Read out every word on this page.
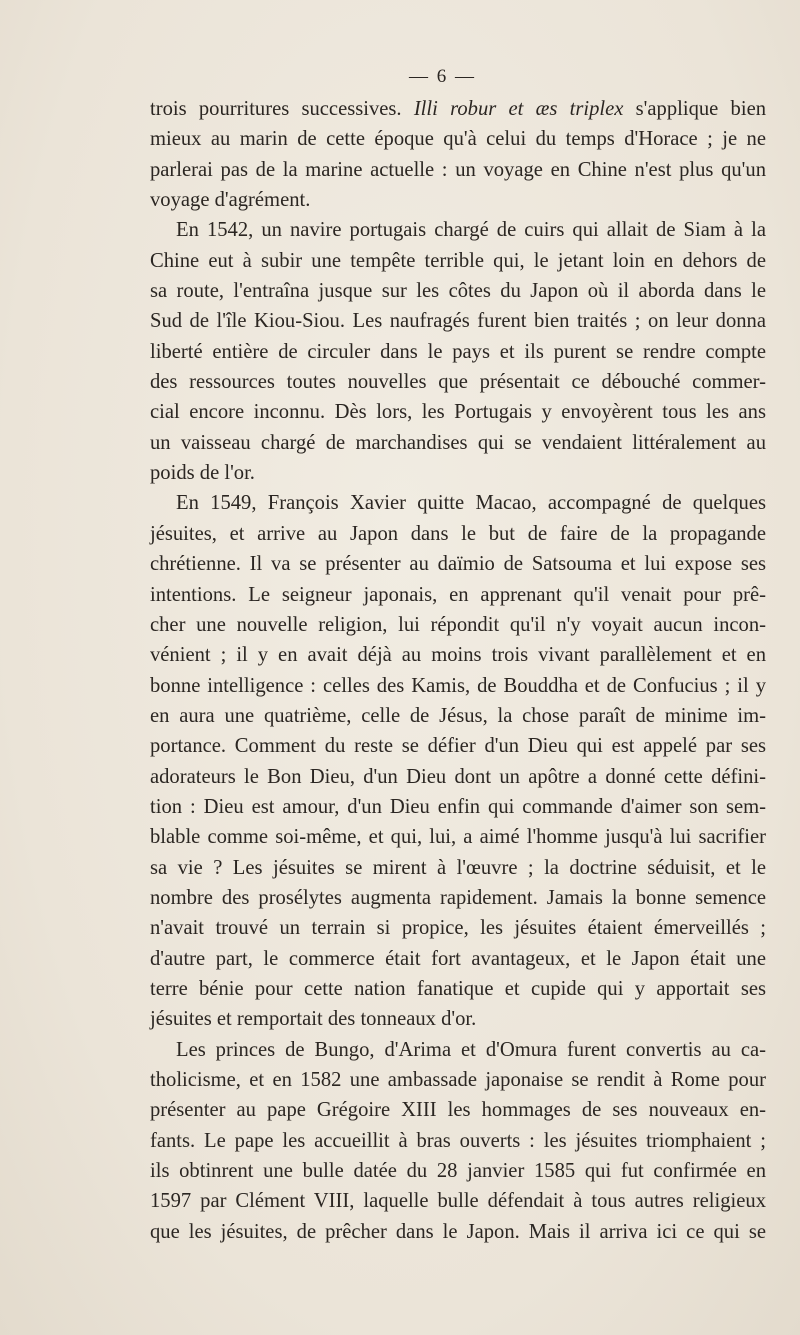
— 6 —

trois pourritures successives. Illi robur et æs triplex s'applique bien
mieux au marin de cette époque qu'à celui du temps d'Horace ; je ne
parlerai pas de la marine actuelle : un voyage en Chine n'est plus qu'un
voyage d'agrément.

En 1542, un navire portugais chargé de cuirs qui allait de Siam à la
Chine eut à subir une tempête terrible qui, le jetant loin en dehors de
sa route, l'entraîna jusque sur les côtes du Japon où il aborda dans le
Sud de l'île Kiou-Siou. Les naufragés furent bien traités ; on leur donna
liberté entière de circuler dans le pays et ils purent se rendre compte
des ressources toutes nouvelles que présentait ce débouché commer-
cial encore inconnu. Dès lors, les Portugais y envoyèrent tous les ans
un vaisseau chargé de marchandises qui se vendaient littéralement au
poids de l'or.

En 1549, François Xavier quitte Macao, accompagné de quelques
jésuites, et arrive au Japon dans le but de faire de la propagande
chrétienne. Il va se présenter au daïmio de Satsouma et lui expose ses
intentions. Le seigneur japonais, en apprenant qu'il venait pour prê-
cher une nouvelle religion, lui répondit qu'il n'y voyait aucun incon-
vénient ; il y en avait déjà au moins trois vivant parallèlement et en
bonne intelligence : celles des Kamis, de Bouddha et de Confucius ; il y
en aura une quatrième, celle de Jésus, la chose paraît de minime im-
portance. Comment du reste se défier d'un Dieu qui est appelé par ses
adorateurs le Bon Dieu, d'un Dieu dont un apôtre a donné cette défini-
tion : Dieu est amour, d'un Dieu enfin qui commande d'aimer son sem-
blable comme soi-même, et qui, lui, a aimé l'homme jusqu'à lui sacrifier
sa vie ? Les jésuites se mirent à l'œuvre ; la doctrine séduisit, et le
nombre des prosélytes augmenta rapidement. Jamais la bonne semence
n'avait trouvé un terrain si propice, les jésuites étaient émerveillés ;
d'autre part, le commerce était fort avantageux, et le Japon était une
terre bénie pour cette nation fanatique et cupide qui y apportait ses
jésuites et remportait des tonneaux d'or.

Les princes de Bungo, d'Arima et d'Omura furent convertis au ca-
tholicisme, et en 1582 une ambassade japonaise se rendit à Rome pour
présenter au pape Grégoire XIII les hommages de ses nouveaux en-
fants. Le pape les accueillit à bras ouverts : les jésuites triomphaient ;
ils obtinrent une bulle datée du 28 janvier 1585 qui fut confirmée en
1597 par Clément VIII, laquelle bulle défendait à tous autres religieux
que les jésuites, de prêcher dans le Japon. Mais il arriva ici ce qui se
